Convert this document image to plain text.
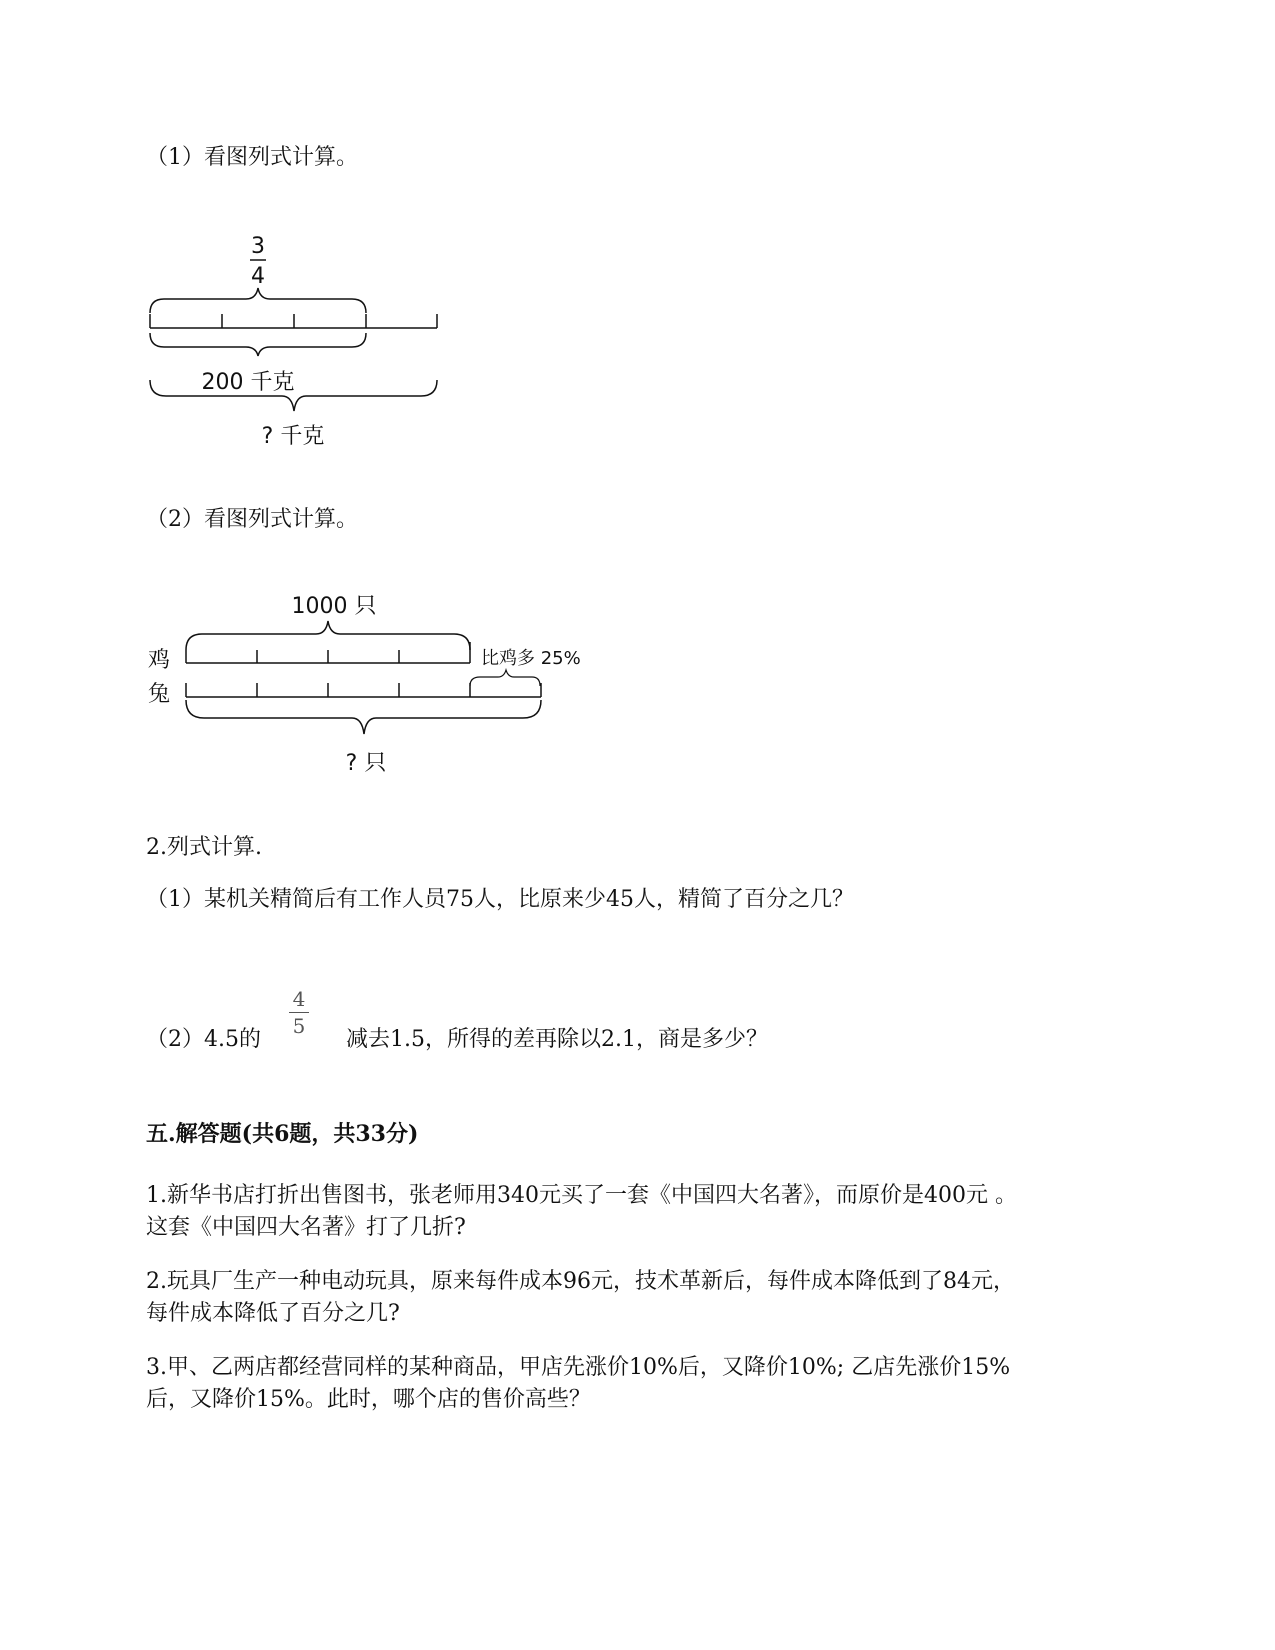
（1）看图列式计算。
3
4
200 千克
? 千克
（2）看图列式计算。
1000 只
鸡
兔
比鸡多 25%
? 只
2.列式计算.
（1）某机关精简后有工作人员75人，比原来少45人，精简了百分之几？
（2）4.5的
4
5
减去1.5，所得的差再除以2.1，商是多少？
五.解答题(共6题，共33分)
1.新华书店打折出售图书，张老师用340元买了一套《中国四大名著》，而原价是400元 。
这套《中国四大名著》打了几折?
2.玩具厂生产一种电动玩具，原来每件成本96元，技术革新后，每件成本降低到了84元，
每件成本降低了百分之几?
3.甲、乙两店都经营同样的某种商品，甲店先涨价10%后，又降价10%; 乙店先涨价15%
后，又降价15%。此时，哪个店的售价高些？
